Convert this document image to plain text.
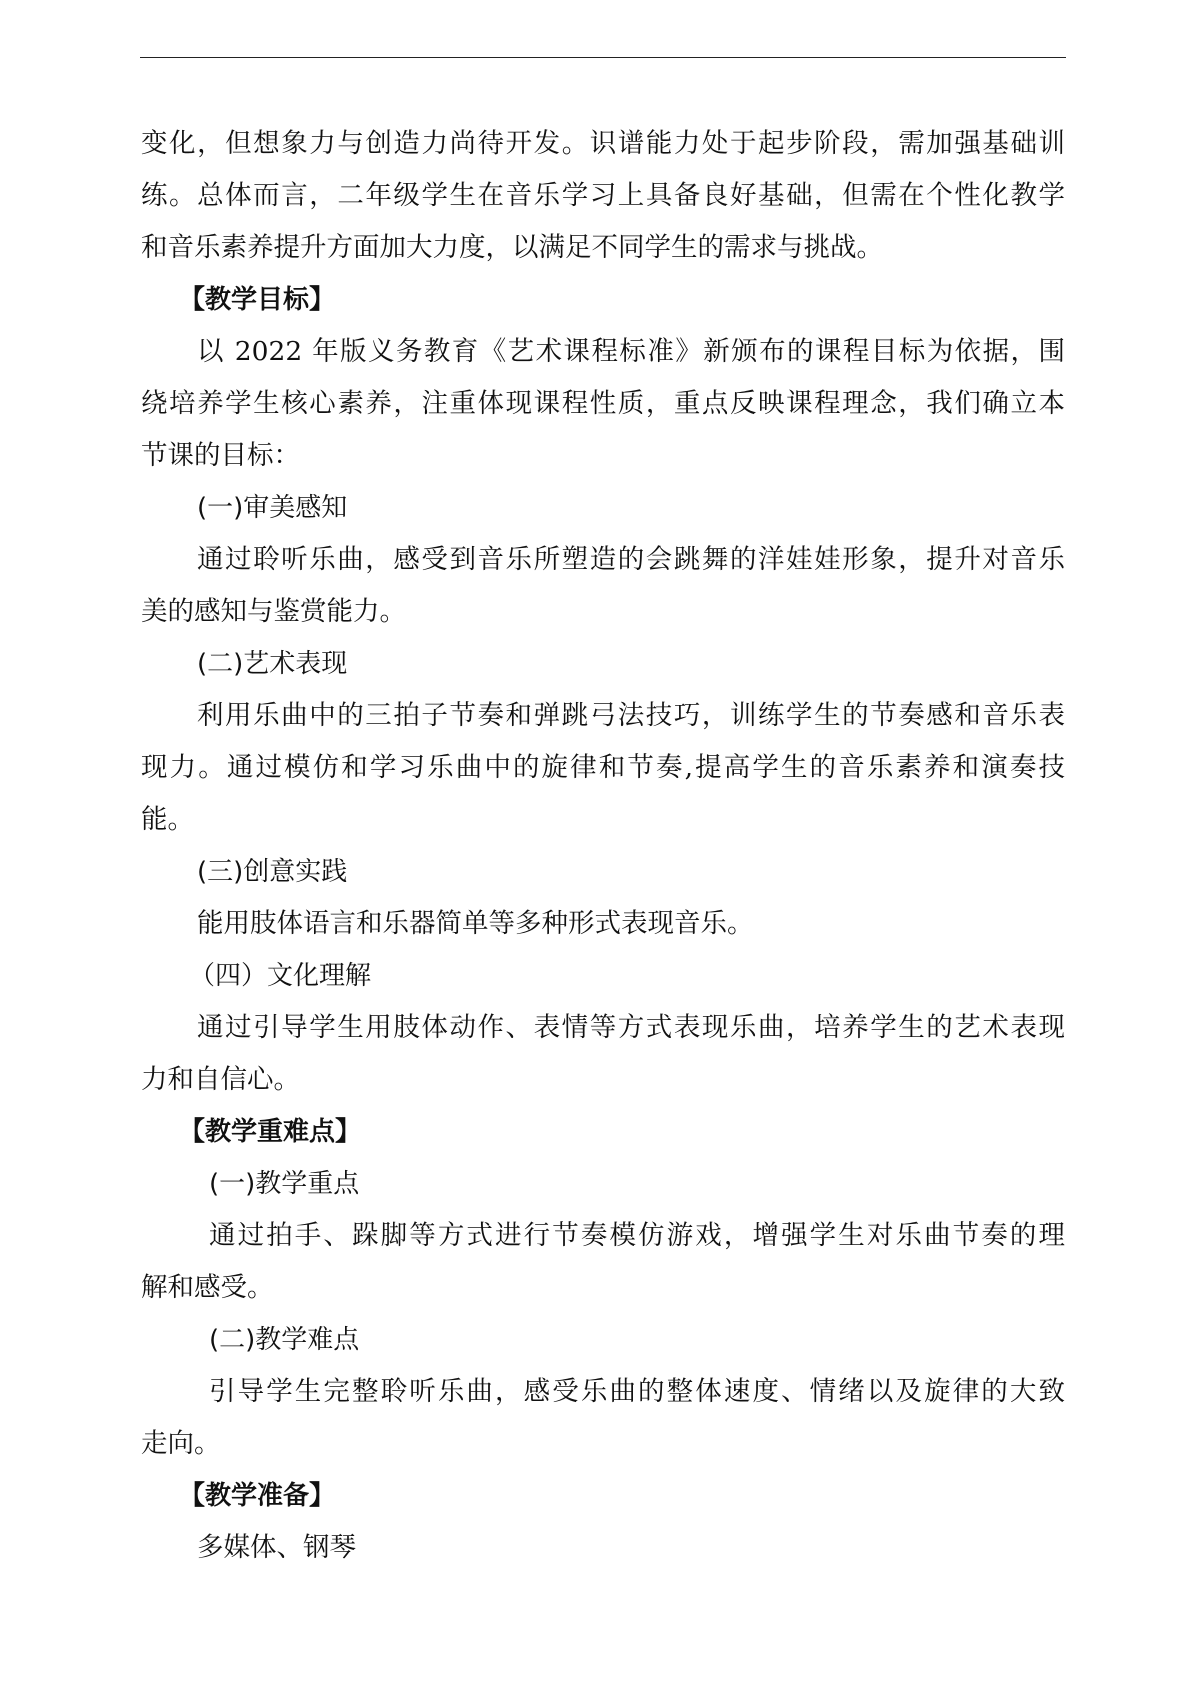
变化，但想象力与创造力尚待开发。识谱能力处于起步阶段，需加强基础训
练。总体而言，二年级学生在音乐学习上具备良好基础，但需在个性化教学
和音乐素养提升方面加大力度，以满足不同学生的需求与挑战。
【教学目标】
以 2022 年版义务教育《艺术课程标准》新颁布的课程目标为依据，围
绕培养学生核心素养，注重体现课程性质，重点反映课程理念，我们确立本
节课的目标：
(一)审美感知
通过聆听乐曲，感受到音乐所塑造的会跳舞的洋娃娃形象，提升对音乐
美的感知与鉴赏能力。
(二)艺术表现
利用乐曲中的三拍子节奏和弹跳弓法技巧，训练学生的节奏感和音乐表
现力。通过模仿和学习乐曲中的旋律和节奏,提高学生的音乐素养和演奏技
能。
(三)创意实践
能用肢体语言和乐器简单等多种形式表现音乐。
（四）文化理解
通过引导学生用肢体动作、表情等方式表现乐曲，培养学生的艺术表现
力和自信心。
【教学重难点】
(一)教学重点
通过拍手、跺脚等方式进行节奏模仿游戏，增强学生对乐曲节奏的理
解和感受。
(二)教学难点
引导学生完整聆听乐曲，感受乐曲的整体速度、情绪以及旋律的大致
走向。
【教学准备】
多媒体、钢琴
